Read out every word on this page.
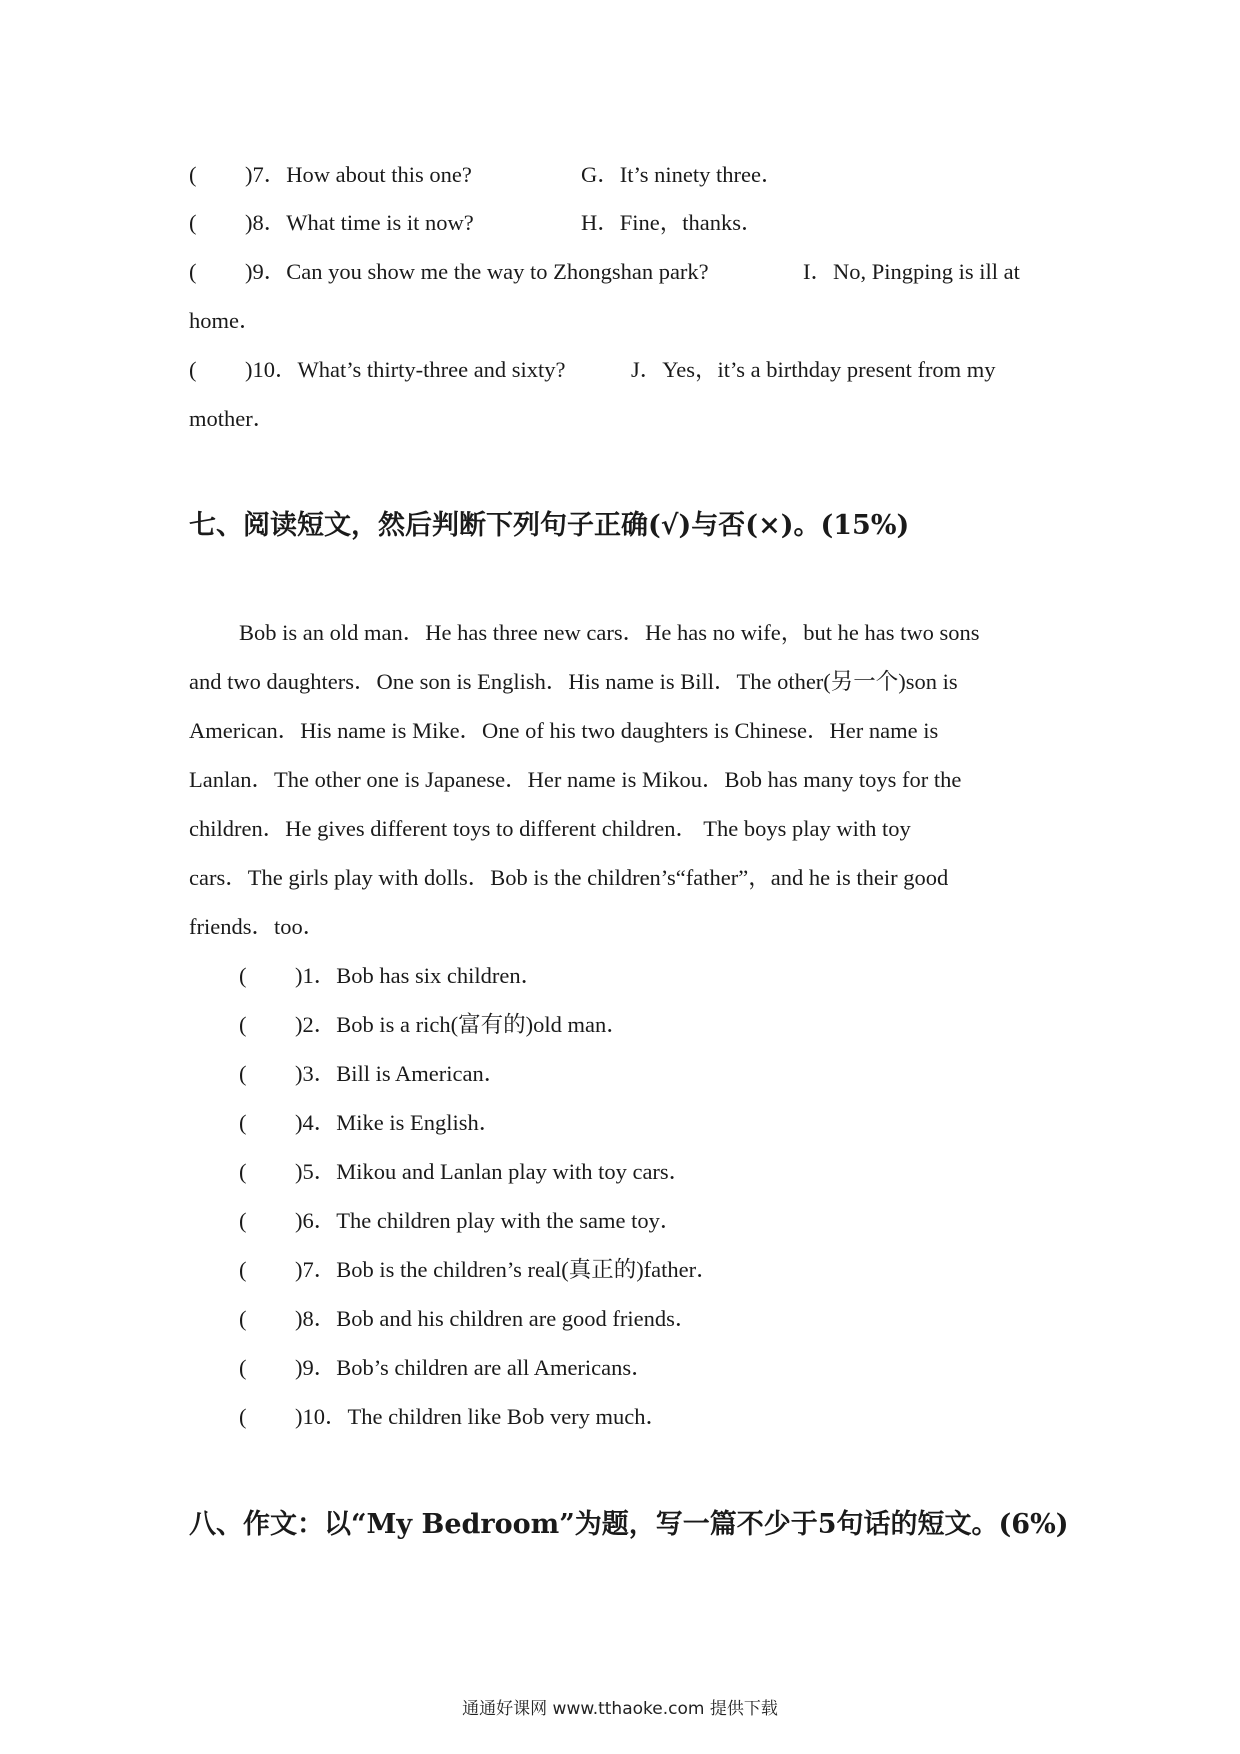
( )7．How about this one?	G．It’s ninety three．
( )8．What time is it now?	H．Fine，thanks．
( )9．Can you show me the way to Zhongshan park?	I．No, Pingping is ill at
home．
( )10．What’s thirty-three and sixty?	J．Yes，it’s a birthday present from my
mother．
七、阅读短文，然后判断下列句子正确(√)与否(×)。(15%)
Bob is an old man．He has three new cars．He has no wife，but he has two sons
and two daughters．One son is English．His name is Bill．The other(另一个)son is
American．His name is Mike．One of his two daughters is Chinese．Her name is
Lanlan．The other one is Japanese．Her name is Mikou．Bob has many toys for the
children．He gives different toys to different children． The boys play with toy
cars．The girls play with dolls．Bob is the children’s“father”，and he is their good
friends．too．
( )1．Bob has six children．
( )2．Bob is a rich(富有的)old man．
( )3．Bill is American．
( )4．Mike is English．
( )5．Mikou and Lanlan play with toy cars．
( )6．The children play with the same toy．
( )7．Bob is the children’s real(真正的)father．
( )8．Bob and his children are good friends．
( )9．Bob’s children are all Americans．
( )10．The children like Bob very much．
八、作文：以“My Bedroom”为题，写一篇不少于5句话的短文。(6%)
通通好课网 www.tthaoke.com 提供下载
